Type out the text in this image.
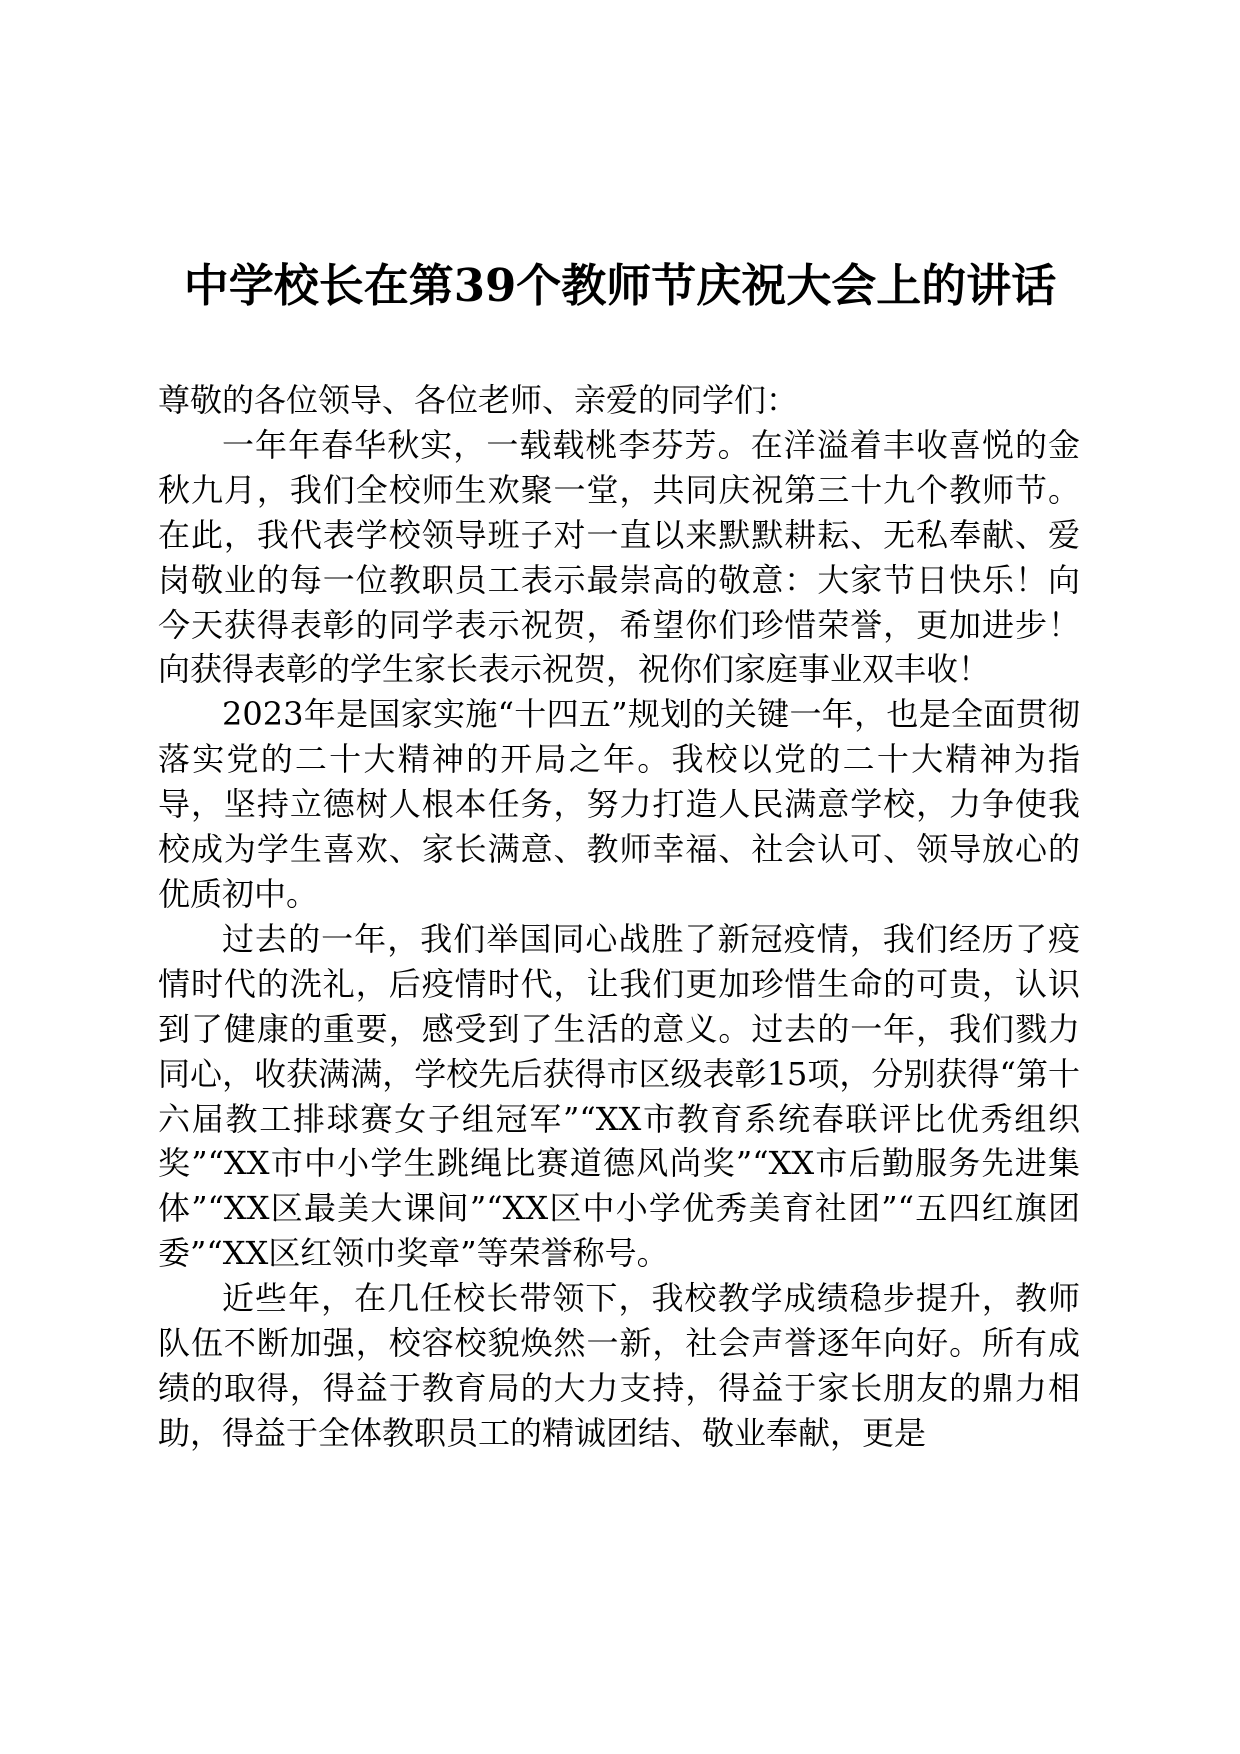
中学校长在第39个教师节庆祝大会上的讲话

尊敬的各位领导、各位老师、亲爱的同学们：

一年年春华秋实，一载载桃李芬芳。在洋溢着丰收喜悦的金秋九月，我们全校师生欢聚一堂，共同庆祝第三十九个教师节。在此，我代表学校领导班子对一直以来默默耕耘、无私奉献、爱岗敬业的每一位教职员工表示最崇高的敬意：大家节日快乐！向今天获得表彰的同学表示祝贺，希望你们珍惜荣誉，更加进步！向获得表彰的学生家长表示祝贺，祝你们家庭事业双丰收！

2023年是国家实施“十四五”规划的关键一年，也是全面贯彻落实党的二十大精神的开局之年。我校以党的二十大精神为指导，坚持立德树人根本任务，努力打造人民满意学校，力争使我校成为学生喜欢、家长满意、教师幸福、社会认可、领导放心的优质初中。

过去的一年，我们举国同心战胜了新冠疫情，我们经历了疫情时代的洗礼，后疫情时代，让我们更加珍惜生命的可贵，认识到了健康的重要，感受到了生活的意义。过去的一年，我们戮力同心，收获满满，学校先后获得市区级表彰15项，分别获得“第十六届教工排球赛女子组冠军”“XX市教育系统春联评比优秀组织奖”“XX市中小学生跳绳比赛道德风尚奖”“XX市后勤服务先进集体”“XX区最美大课间”“XX区中小学优秀美育社团”“五四红旗团委”“XX区红领巾奖章”等荣誉称号。

近些年，在几任校长带领下，我校教学成绩稳步提升，教师队伍不断加强，校容校貌焕然一新，社会声誉逐年向好。所有成绩的取得，得益于教育局的大力支持，得益于家长朋友的鼎力相助，得益于全体教职员工的精诚团结、敬业奉献，更是
